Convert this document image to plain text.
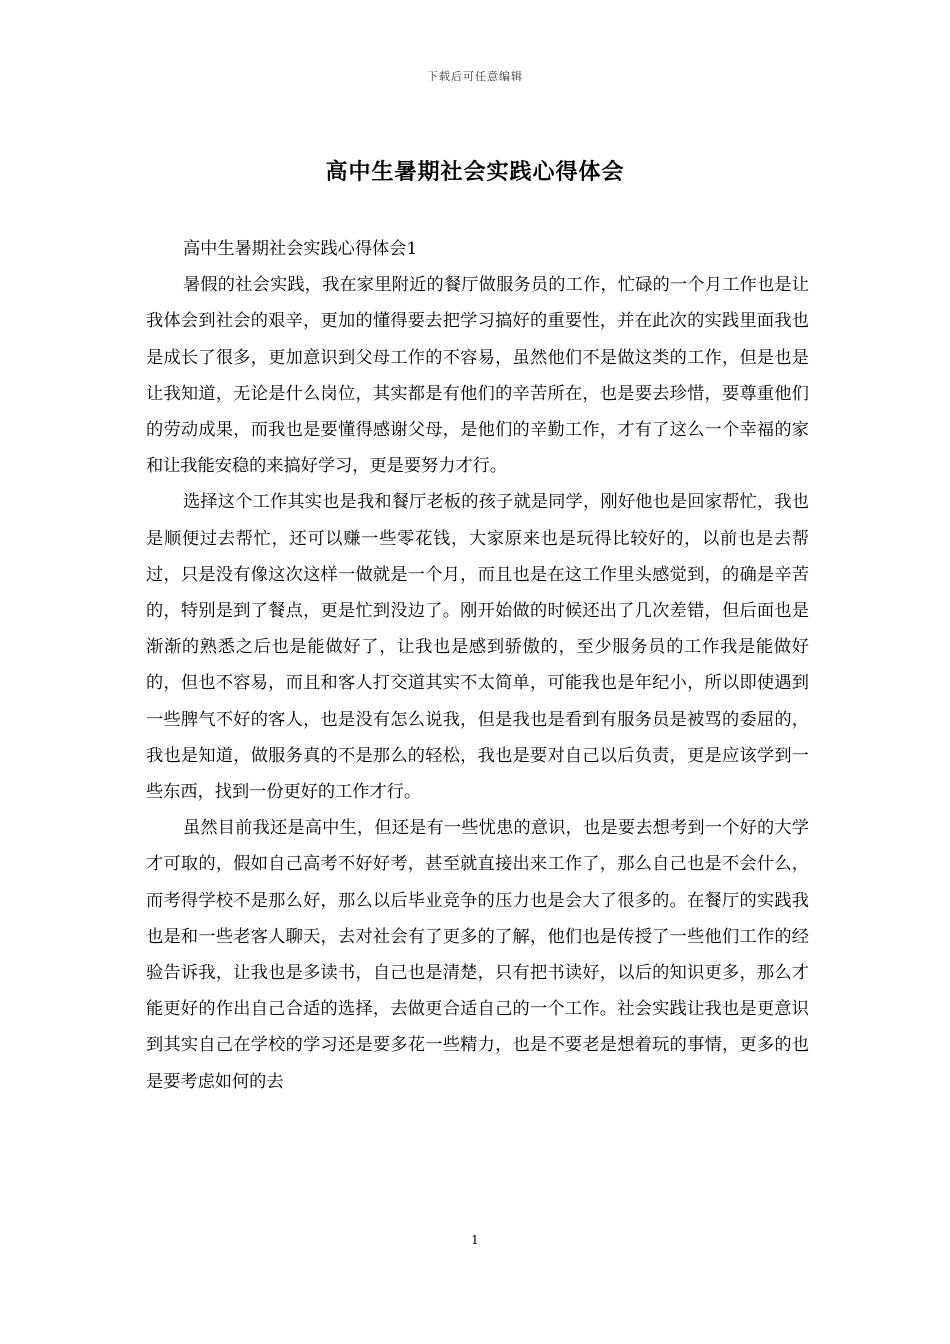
下载后可任意编辑
高中生暑期社会实践心得体会

高中生暑期社会实践心得体会1

暑假的社会实践，我在家里附近的餐厅做服务员的工作，忙碌的一个月工作也是让我体会到社会的艰辛，更加的懂得要去把学习搞好的重要性，并在此次的实践里面我也是成长了很多，更加意识到父母工作的不容易，虽然他们不是做这类的工作，但是也是让我知道，无论是什么岗位，其实都是有他们的辛苦所在，也是要去珍惜，要尊重他们的劳动成果，而我也是要懂得感谢父母，是他们的辛勤工作，才有了这么一个幸福的家和让我能安稳的来搞好学习，更是要努力才行。

选择这个工作其实也是我和餐厅老板的孩子就是同学，刚好他也是回家帮忙，我也是顺便过去帮忙，还可以赚一些零花钱，大家原来也是玩得比较好的，以前也是去帮过，只是没有像这次这样一做就是一个月，而且也是在这工作里头感觉到，的确是辛苦的，特别是到了餐点，更是忙到没边了。刚开始做的时候还出了几次差错，但后面也是渐渐的熟悉之后也是能做好了，让我也是感到骄傲的，至少服务员的工作我是能做好的，但也不容易，而且和客人打交道其实不太简单，可能我也是年纪小，所以即使遇到一些脾气不好的客人，也是没有怎么说我，但是我也是看到有服务员是被骂的委屈的，我也是知道，做服务真的不是那么的轻松，我也是要对自己以后负责，更是应该学到一些东西，找到一份更好的工作才行。

虽然目前我还是高中生，但还是有一些忧患的意识，也是要去想考到一个好的大学才可取的，假如自己高考不好好考，甚至就直接出来工作了，那么自己也是不会什么，而考得学校不是那么好，那么以后毕业竞争的压力也是会大了很多的。在餐厅的实践我也是和一些老客人聊天，去对社会有了更多的了解，他们也是传授了一些他们工作的经验告诉我，让我也是多读书，自己也是清楚，只有把书读好，以后的知识更多，那么才能更好的作出自己合适的选择，去做更合适自己的一个工作。社会实践让我也是更意识到其实自己在学校的学习还是要多花一些精力，也是不要老是想着玩的事情，更多的也是要考虑如何的去

1
